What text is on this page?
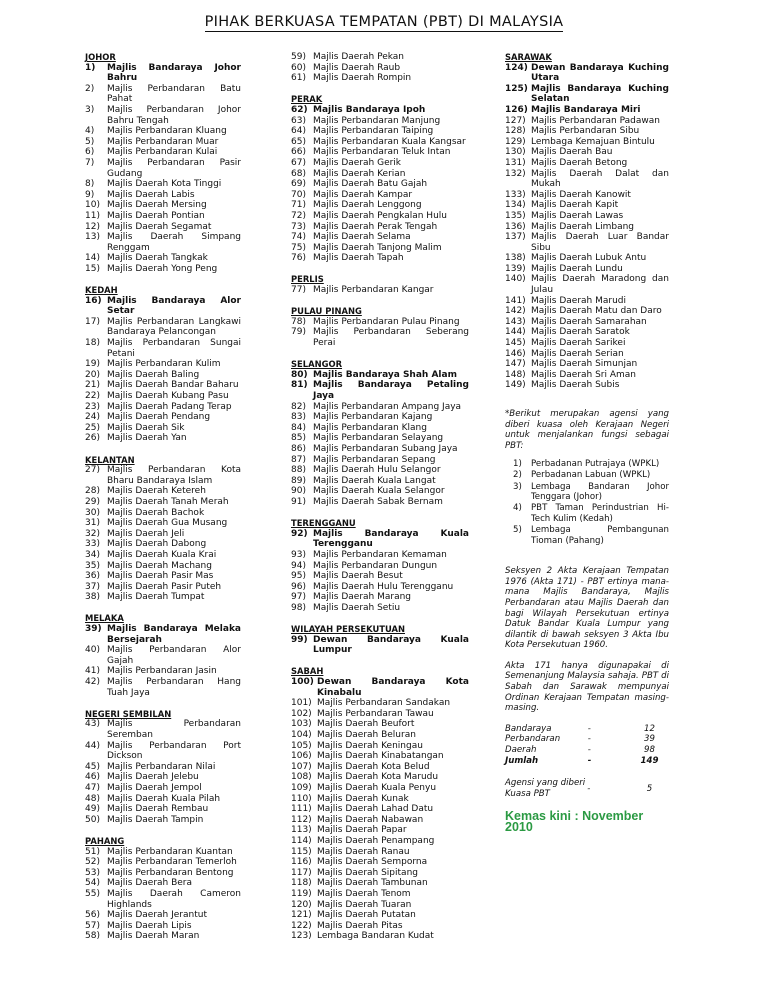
PIHAK BERKUASA TEMPATAN (PBT) DI MALAYSIA
JOHOR
1)	Majlis Bandaraya Johor Bahru
2)	Majlis Perbandaran Batu Pahat
3)	Majlis Perbandaran Johor Bahru Tengah
4)	Majlis Perbandaran Kluang
5)	Majlis Perbandaran Muar
6)	Majlis Perbandaran Kulai
7)	Majlis Perbandaran Pasir Gudang
8)	Majlis Daerah Kota Tinggi
9)	Majlis Daerah Labis
10) Majlis Daerah Mersing
11) Majlis Daerah Pontian
12) Majlis Daerah Segamat
13) Majlis Daerah Simpang Renggam
14) Majlis Daerah Tangkak
15) Majlis Daerah Yong Peng
KEDAH
16) Majlis Bandaraya Alor Setar
17) Majlis Perbandaran Langkawi Bandaraya Pelancongan
18) Majlis Perbandaran Sungai Petani
19) Majlis Perbandaran Kulim
20) Majlis Daerah Baling
21) Majlis Daerah Bandar Baharu
22) Majlis Daerah Kubang Pasu
23) Majlis Daerah Padang Terap
24) Majlis Daerah Pendang
25) Majlis Daerah Sik
26) Majlis Daerah Yan
KELANTAN
27) Majlis Perbandaran Kota Bharu Bandaraya Islam
28) Majlis Daerah Ketereh
29) Majlis Daerah Tanah Merah
30) Majlis Daerah Bachok
31) Majlis Daerah Gua Musang
32) Majlis Daerah Jeli
33) Majlis Daerah Dabong
34) Majlis Daerah Kuala Krai
35) Majlis Daerah Machang
36) Majlis Daerah Pasir Mas
37) Majlis Daerah Pasir Puteh
38) Majlis Daerah Tumpat
MELAKA
39) Majlis Bandaraya Melaka Bersejarah
40) Majlis Perbandaran Alor Gajah
41) Majlis Perbandaran Jasin
42) Majlis Perbandaran Hang Tuah Jaya
NEGERI SEMBILAN
43) Majlis Perbandaran Seremban
44) Majlis Perbandaran Port Dickson
45) Majlis Perbandaran Nilai
46) Majlis Daerah Jelebu
47) Majlis Daerah Jempol
48) Majlis Daerah Kuala Pilah
49) Majlis Daerah Rembau
50) Majlis Daerah Tampin
PAHANG
51) Majlis Perbandaran Kuantan
52) Majlis Perbandaran Temerloh
53) Majlis Perbandaran Bentong
54) Majlis Daerah Bera
55) Majlis Daerah Cameron Highlands
56) Majlis Daerah Jerantut
57) Majlis Daerah Lipis
58) Majlis Daerah Maran
59) Majlis Daerah Pekan
60) Majlis Daerah Raub
61) Majlis Daerah Rompin
PERAK
62) Majlis Bandaraya Ipoh
63) Majlis Perbandaran Manjung
64) Majlis Perbandaran Taiping
65) Majlis Perbandaran Kuala Kangsar
66) Majlis Perbandaran Teluk Intan
67) Majlis Daerah Gerik
68) Majlis Daerah Kerian
69) Majlis Daerah Batu Gajah
70) Majlis Daerah Kampar
71) Majlis Daerah Lenggong
72) Majlis Daerah Pengkalan Hulu
73) Majlis Daerah Perak Tengah
74) Majlis Daerah Selama
75) Majlis Daerah Tanjong Malim
76) Majlis Daerah Tapah
PERLIS
77) Majlis Perbandaran Kangar
PULAU PINANG
78) Majlis Perbandaran Pulau Pinang
79) Majlis Perbandaran Seberang Perai
SELANGOR
80) Majlis Bandaraya Shah Alam
81) Majlis Bandaraya Petaling Jaya
82) Majlis Perbandaran Ampang Jaya
83) Majlis Perbandaran Kajang
84) Majlis Perbandaran Klang
85) Majlis Perbandaran Selayang
86) Majlis Perbandaran Subang Jaya
87) Majlis Perbandaran Sepang
88) Majlis Daerah Hulu Selangor
89) Majlis Daerah Kuala Langat
90) Majlis Daerah Kuala Selangor
91) Majlis Daerah Sabak Bernam
TERENGGANU
92) Majlis Bandaraya Kuala Terengganu
93) Majlis Perbandaran Kemaman
94) Majlis Perbandaran Dungun
95) Majlis Daerah Besut
96) Majlis Daerah Hulu Terengganu
97) Majlis Daerah Marang
98) Majlis Daerah Setiu
WILAYAH PERSEKUTUAN
99) Dewan Bandaraya Kuala Lumpur
SABAH
100) Dewan Bandaraya Kota Kinabalu
101) Majlis Perbandaran Sandakan
102) Majlis Perbandaran Tawau
103) Majlis Daerah Beufort
104) Majlis Daerah Beluran
105) Majlis Daerah Keningau
106) Majlis Daerah Kinabatangan
107) Majlis Daerah Kota Belud
108) Majlis Daerah Kota Marudu
109) Majlis Daerah Kuala Penyu
110) Majlis Daerah Kunak
111) Majlis Daerah Lahad Datu
112) Majlis Daerah Nabawan
113) Majlis Daerah Papar
114) Majlis Daerah Penampang
115) Majlis Daerah Ranau
116) Majlis Daerah Semporna
117) Majlis Daerah Sipitang
118) Majlis Daerah Tambunan
119) Majlis Daerah Tenom
120) Majlis Daerah Tuaran
121) Majlis Daerah Putatan
122) Majlis Daerah Pitas
123) Lembaga Bandaran Kudat
SARAWAK
124) Dewan Bandaraya Kuching Utara
125) Majlis Bandaraya Kuching Selatan
126) Majlis Bandaraya Miri
127) Majlis Perbandaran Padawan
128) Majlis Perbandaran Sibu
129) Lembaga Kemajuan Bintulu
130) Majlis Daerah Bau
131) Majlis Daerah Betong
132) Majlis Daerah Dalat dan Mukah
133) Majlis Daerah Kanowit
134) Majlis Daerah Kapit
135) Majlis Daerah Lawas
136) Majlis Daerah Limbang
137) Majlis Daerah Luar Bandar Sibu
138) Majlis Daerah Lubuk Antu
139) Majlis Daerah Lundu
140) Majlis Daerah Maradong dan Julau
141) Majlis Daerah Marudi
142) Majlis Daerah Matu dan Daro
143) Majlis Daerah Samarahan
144) Majlis Daerah Saratok
145) Majlis Daerah Sarikei
146) Majlis Daerah Serian
147) Majlis Daerah Simunjan
148) Majlis Daerah Sri Aman
149) Majlis Daerah Subis
*Berikut merupakan agensi yang diberi kuasa oleh Kerajaan Negeri untuk menjalankan fungsi sebagai PBT:
1)	Perbadanan Putrajaya (WPKL)
2)	Perbadanan Labuan (WPKL)
3)	Lembaga Bandaran Johor Tenggara (Johor)
4)	PBT Taman Perindustrian Hi-Tech Kulim (Kedah)
5)	Lembaga Pembangunan Tioman (Pahang)
Seksyen 2 Akta Kerajaan Tempatan 1976 (Akta 171) - PBT ertinya mana-mana Majlis Bandaraya, Majlis Perbandaran atau Majlis Daerah dan bagi Wilayah Persekutuan ertinya Datuk Bandar Kuala Lumpur yang dilantik di bawah seksyen 3 Akta Ibu Kota Persekutuan 1960.
Akta 171 hanya digunapakai di Semenanjung Malaysia sahaja. PBT di Sabah dan Sarawak mempunyai Ordinan Kerajaan Tempatan masing-masing.
Bandaraya	-	12
Perbandaran	-	39
Daerah	-	98
Jumlah	-	149
Agensi yang diberi Kuasa PBT	-	5
Kemas kini : November 2010
